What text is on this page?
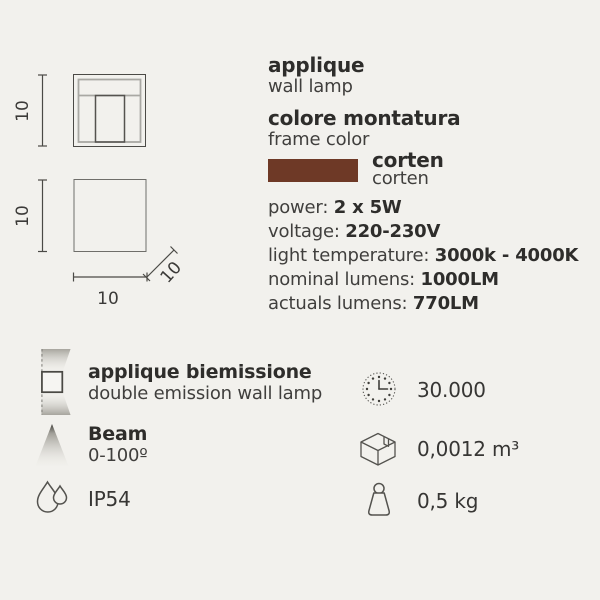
10
10
10
10
applique
wall lamp
colore montatura
frame color
corten
corten
power: 2 x 5W
voltage: 220-230V
light temperature: 3000k - 4000K
nominal lumens: 1000LM
actuals lumens: 770LM
applique biemissione
double emission wall lamp
Beam
0-100º
IP54
30.000
0,0012 m³
0,5 kg
